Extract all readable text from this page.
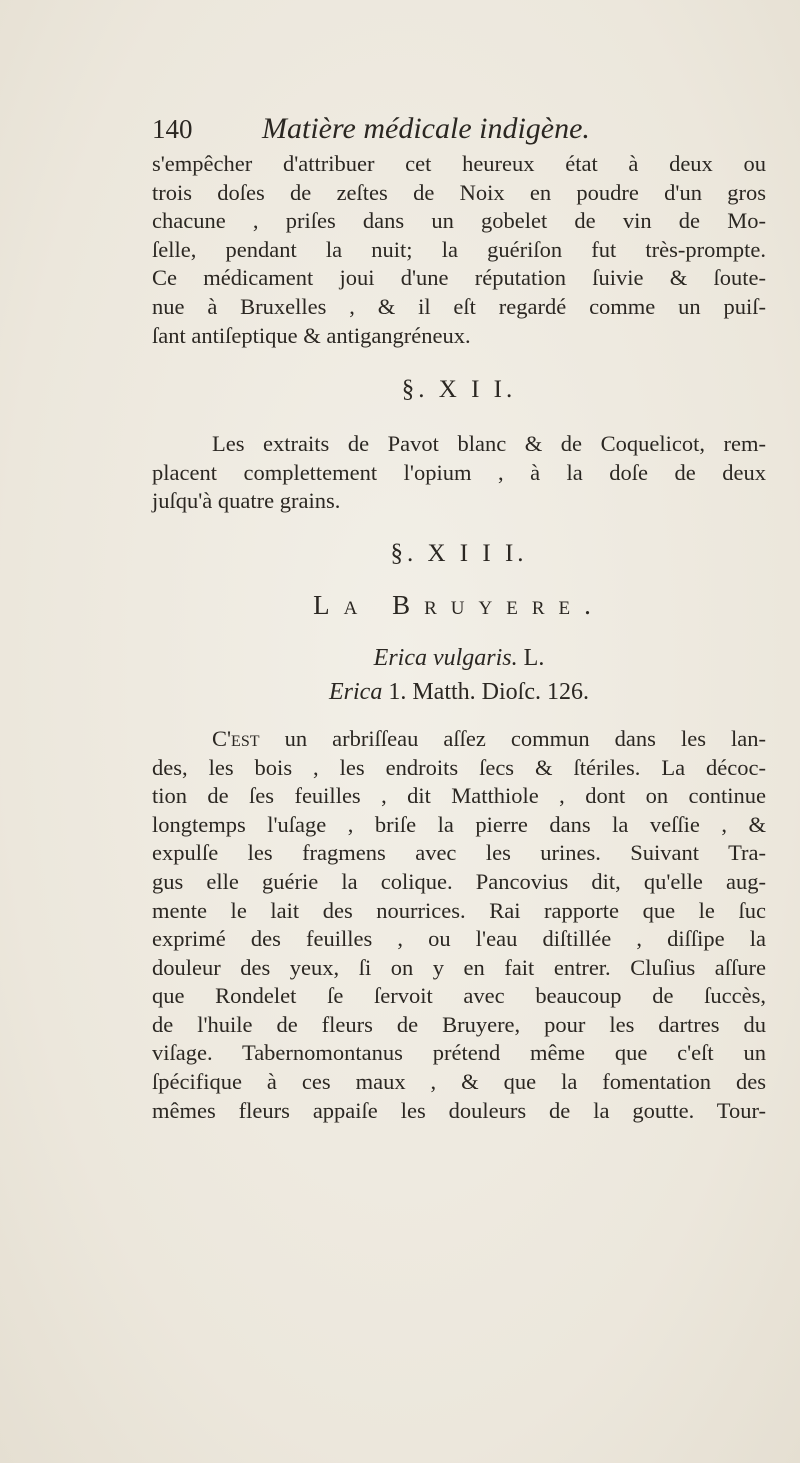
140	Matière médicale indigène.

s'empêcher d'attribuer cet heureux état à deux ou
trois doſes de zeſtes de Noix en poudre d'un gros
chacune , priſes dans un gobelet de vin de Mo-
ſelle, pendant la nuit; la guériſon fut très-prompte.
Ce médicament joui d'une réputation ſuivie & ſoute-
nue à Bruxelles , & il eſt regardé comme un puiſ-
ſant antiſeptique & antigangréneux.

§. X I I.

Les extraits de Pavot blanc & de Coquelicot, rem-
placent complettement l'opium , à la doſe de deux
juſqu'à quatre grains.

§. X I I I.
La Bruyere.
Erica vulgaris. L.
Erica 1. Matth. Dioſc. 126.

C'est un arbriſſeau aſſez commun dans les lan-
des, les bois , les endroits ſecs & ſtériles. La décoc-
tion de ſes feuilles , dit Matthiole , dont on continue
longtemps l'uſage , briſe la pierre dans la veſſie , &
expulſe les fragmens avec les urines. Suivant Tra-
gus elle guérie la colique. Pancovius dit, qu'elle aug-
mente le lait des nourrices. Rai rapporte que le ſuc
exprimé des feuilles , ou l'eau diſtillée , diſſipe la
douleur des yeux, ſi on y en fait entrer. Cluſius aſſure
que Rondelet ſe ſervoit avec beaucoup de ſuccès,
de l'huile de fleurs de Bruyere, pour les dartres du
viſage. Tabernomontanus prétend même que c'eſt un
ſpécifique à ces maux , & que la fomentation des
mêmes fleurs appaiſe les douleurs de la goutte. Tour-
